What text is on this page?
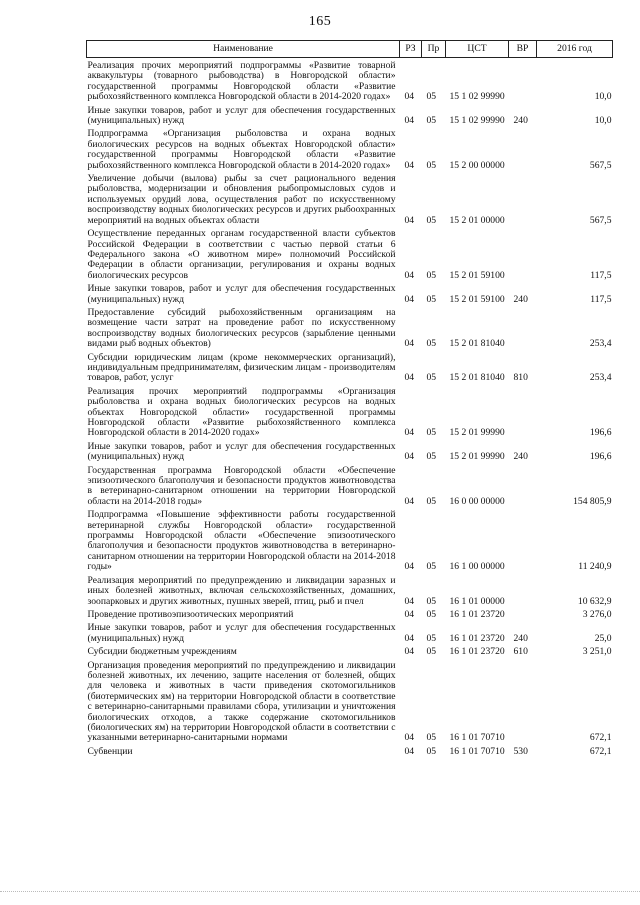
165
Наименование	РЗ	Пр	ЦСТ	ВР	2016 год
Реализация прочих мероприятий подпрограммы «Развитие товарной аквакультуры (товарного рыбоводства) в Новгородской области» государственной программы Новгородской области «Развитие рыбохозяйственного комплекса Новгородской области в 2014-2020 годах»	04	05	15 1 02 99990		10,0
Иные закупки товаров, работ и услуг для обеспечения государственных (муниципальных) нужд	04	05	15 1 02 99990	240	10,0
Подпрограмма «Организация рыболовства и охрана водных биологических ресурсов на водных объектах Новгородской области» государственной программы Новгородской области «Развитие рыбохозяйственного комплекса Новгородской области в 2014-2020 годах»	04	05	15 2 00 00000		567,5
Увеличение добычи (вылова) рыбы за счет рационального ведения рыболовства, модернизации и обновления рыбопромысловых судов и используемых орудий лова, осуществления работ по искусственному воспроизводству водных биологических ресурсов и других рыбоохранных мероприятий на водных объектах области	04	05	15 2 01 00000		567,5
Осуществление переданных органам государственной власти субъектов Российской Федерации в соответствии с частью первой статьи 6 Федерального закона «О животном мире» полномочий Российской Федерации в области организации, регулирования и охраны водных биологических ресурсов	04	05	15 2 01 59100		117,5
Иные закупки товаров, работ и услуг для обеспечения государственных (муниципальных) нужд	04	05	15 2 01 59100	240	117,5
Предоставление субсидий рыбохозяйственным организациям на возмещение части затрат на проведение работ по искусственному воспроизводству водных биологических ресурсов (зарыбление ценными видами рыб водных объектов)	04	05	15 2 01 81040		253,4
Субсидии юридическим лицам (кроме некоммерческих организаций), индивидуальным предпринимателям, физическим лицам - производителям товаров, работ, услуг	04	05	15 2 01 81040	810	253,4
Реализация прочих мероприятий подпрограммы «Организация рыболовства и охрана водных биологических ресурсов на водных объектах Новгородской области» государственной программы Новгородской области «Развитие рыбохозяйственного комплекса Новгородской области в 2014-2020 годах»	04	05	15 2 01 99990		196,6
Иные закупки товаров, работ и услуг для обеспечения государственных (муниципальных) нужд	04	05	15 2 01 99990	240	196,6
Государственная программа Новгородской области «Обеспечение эпизоотического благополучия и безопасности продуктов животноводства в ветеринарно-санитарном отношении на территории Новгородской области на 2014-2018 годы»	04	05	16 0 00 00000		154 805,9
Подпрограмма «Повышение эффективности работы государственной ветеринарной службы Новгородской области» государственной программы Новгородской области «Обеспечение эпизоотического благополучия и безопасности продуктов животноводства в ветеринарно-санитарном отношении на территории Новгородской области на 2014-2018 годы»	04	05	16 1 00 00000		11 240,9
Реализация мероприятий по предупреждению и ликвидации заразных и иных болезней животных, включая сельскохозяйственных, домашних, зоопарковых и других животных, пушных зверей, птиц, рыб и пчел	04	05	16 1 01 00000		10 632,9
Проведение противоэпизоотических мероприятий	04	05	16 1 01 23720		3 276,0
Иные закупки товаров, работ и услуг для обеспечения государственных (муниципальных) нужд	04	05	16 1 01 23720	240	25,0
Субсидии бюджетным учреждениям	04	05	16 1 01 23720	610	3 251,0
Организация проведения мероприятий по предупреждению и ликвидации болезней животных, их лечению, защите населения от болезней, общих для человека и животных в части приведения скотомогильников (биотермических ям) на территории Новгородской области в соответствие с ветеринарно-санитарными правилами сбора, утилизации и уничтожения биологических отходов, а также содержание скотомогильников (биологических ям) на территории Новгородской области в соответствии с указанными ветеринарно-санитарными нормами	04	05	16 1 01 70710		672,1
Субвенции	04	05	16 1 01 70710	530	672,1
